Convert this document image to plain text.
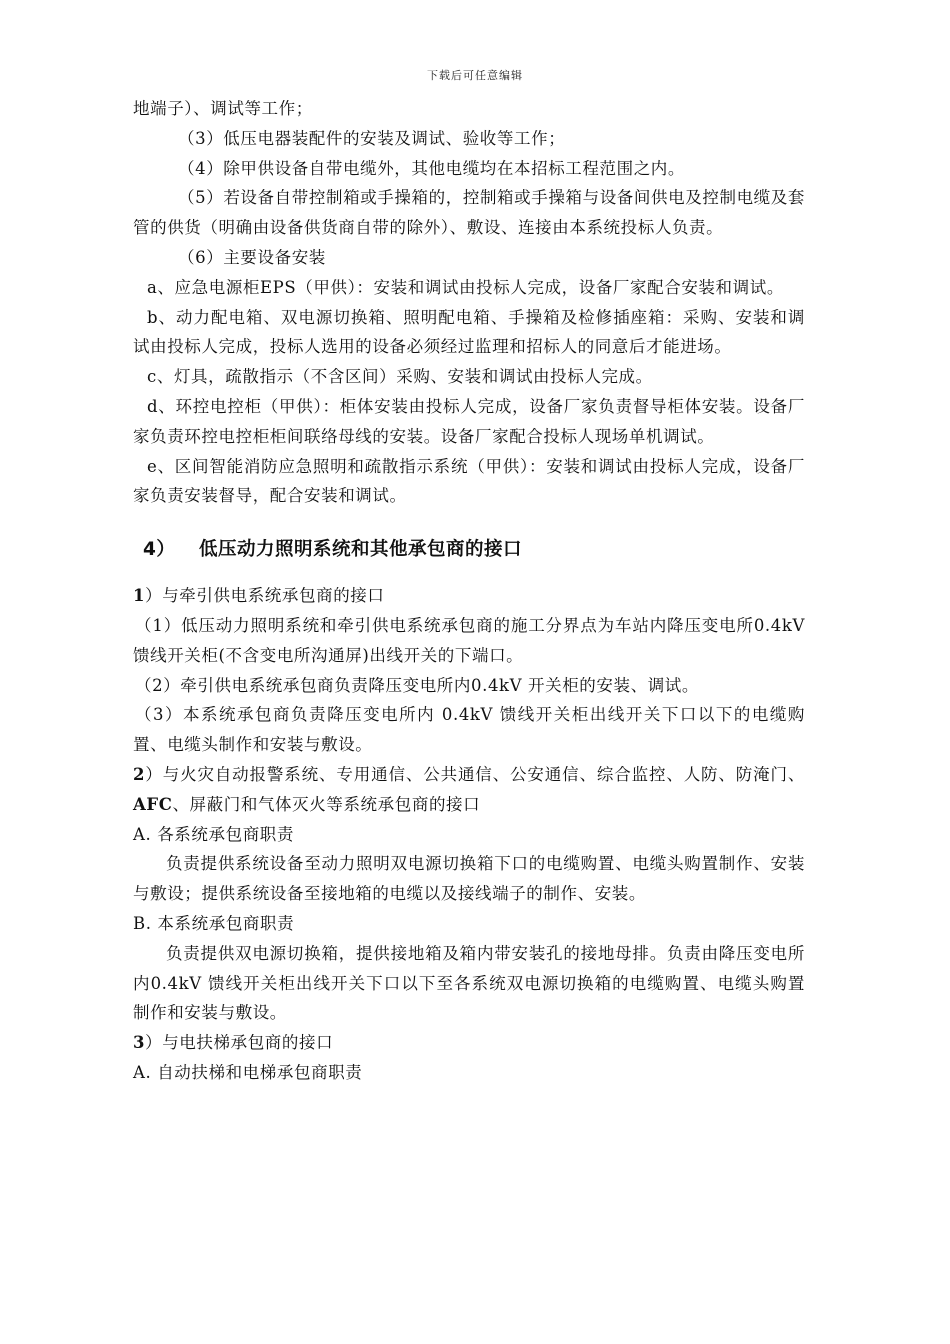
下载后可任意编辑

地端子）、调试等工作；

（3）低压电器装配件的安装及调试、验收等工作；

（4）除甲供设备自带电缆外，其他电缆均在本招标工程范围之内。

（5）若设备自带控制箱或手操箱的，控制箱或手操箱与设备间供电及控制电缆及套管的供货（明确由设备供货商自带的除外）、敷设、连接由本系统投标人负责。

（6）主要设备安装

a、应急电源柜EPS（甲供）：安装和调试由投标人完成，设备厂家配合安装和调试。

b、动力配电箱、双电源切换箱、照明配电箱、手操箱及检修插座箱：采购、安装和调试由投标人完成，投标人选用的设备必须经过监理和招标人的同意后才能进场。

c、灯具，疏散指示（不含区间）采购、安装和调试由投标人完成。

d、环控电控柜（甲供）：柜体安装由投标人完成，设备厂家负责督导柜体安装。设备厂家负责环控电控柜柜间联络母线的安装。设备厂家配合投标人现场单机调试。

e、区间智能消防应急照明和疏散指示系统（甲供）：安装和调试由投标人完成，设备厂家负责安装督导，配合安装和调试。

4） 低压动力照明系统和其他承包商的接口

1）与牵引供电系统承包商的接口

（1）低压动力照明系统和牵引供电系统承包商的施工分界点为车站内降压变电所0.4kV 馈线开关柜(不含变电所沟通屏)出线开关的下端口。

（2）牵引供电系统承包商负责降压变电所内0.4kV 开关柜的安装、调试。

（3）本系统承包商负责降压变电所内 0.4kV 馈线开关柜出线开关下口以下的电缆购置、电缆头制作和安装与敷设。

2）与火灾自动报警系统、专用通信、公共通信、公安通信、综合监控、人防、防淹门、AFC、屏蔽门和气体灭火等系统承包商的接口

A. 各系统承包商职责

负责提供系统设备至动力照明双电源切换箱下口的电缆购置、电缆头购置制作、安装与敷设；提供系统设备至接地箱的电缆以及接线端子的制作、安装。

B. 本系统承包商职责

负责提供双电源切换箱，提供接地箱及箱内带安装孔的接地母排。负责由降压变电所内0.4kV 馈线开关柜出线开关下口以下至各系统双电源切换箱的电缆购置、电缆头购置制作和安装与敷设。

3）与电扶梯承包商的接口

A. 自动扶梯和电梯承包商职责
